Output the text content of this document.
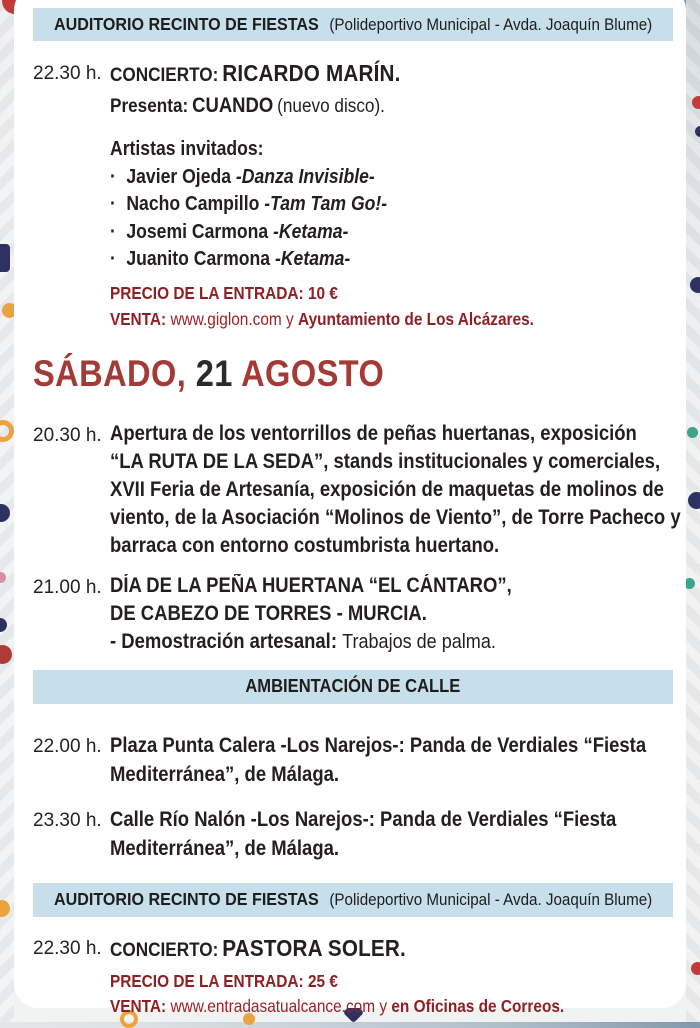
AUDITORIO RECINTO DE FIESTAS (Polideportivo Municipal - Avda. Joaquín Blume)
22.30 h. CONCIERTO: RICARDO MARÍN.
Presenta: CUANDO (nuevo disco).
Artistas invitados:
· Javier Ojeda -Danza Invisible-
· Nacho Campillo -Tam Tam Go!-
· Josemi Carmona -Ketama-
· Juanito Carmona -Ketama-
PRECIO DE LA ENTRADA: 10 €
VENTA: www.giglon.com y Ayuntamiento de Los Alcázares.
SÁBADO, 21 AGOSTO
20.30 h. Apertura de los ventorrillos de peñas huertanas, exposición
“LA RUTA DE LA SEDA”, stands institucionales y comerciales,
XVII Feria de Artesanía, exposición de maquetas de molinos de
viento, de la Asociación “Molinos de Viento”, de Torre Pacheco y
barraca con entorno costumbrista huertano.
21.00 h. DÍA DE LA PEÑA HUERTANA “EL CÁNTARO”,
DE CABEZO DE TORRES - MURCIA.
- Demostración artesanal: Trabajos de palma.
AMBIENTACIÓN DE CALLE
22.00 h. Plaza Punta Calera -Los Narejos-: Panda de Verdiales “Fiesta
Mediterránea”, de Málaga.
23.30 h. Calle Río Nalón -Los Narejos-: Panda de Verdiales “Fiesta
Mediterránea”, de Málaga.
AUDITORIO RECINTO DE FIESTAS (Polideportivo Municipal - Avda. Joaquín Blume)
22.30 h. CONCIERTO: PASTORA SOLER.
PRECIO DE LA ENTRADA: 25 €
VENTA: www.entradasatualcance.com y en Oficinas de Correos.
